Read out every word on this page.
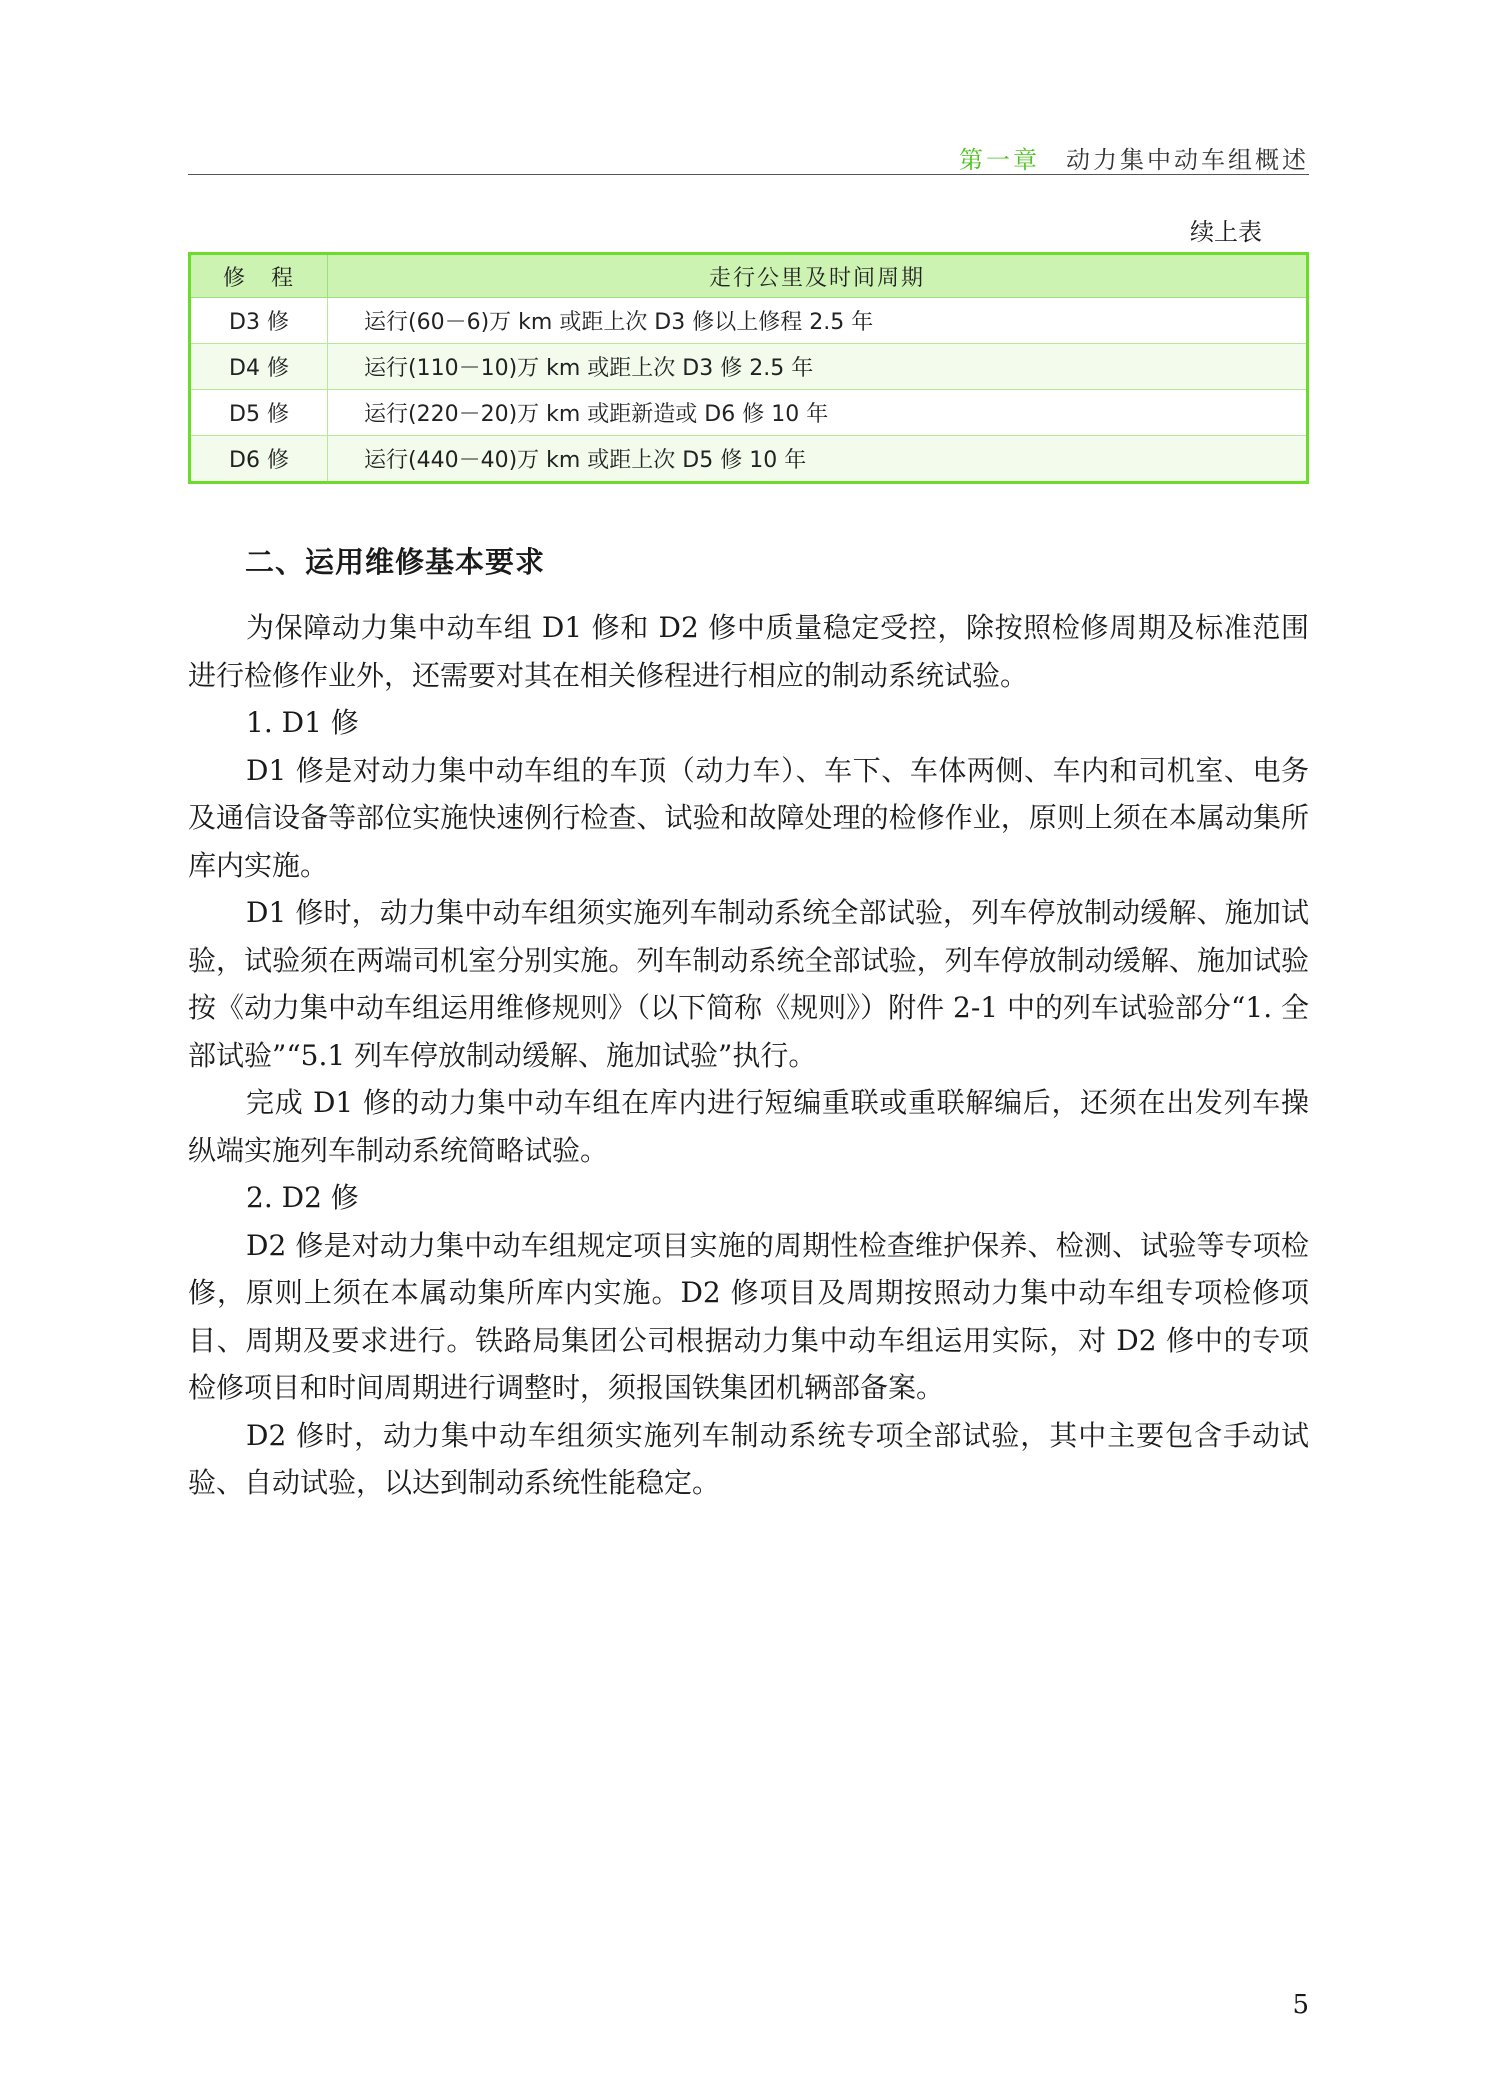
第一章 动力集中动车组概述
续上表
修　程	走行公里及时间周期
D3 修	运行(60－6)万 km 或距上次 D3 修以上修程 2.5 年
D4 修	运行(110－10)万 km 或距上次 D3 修 2.5 年
D5 修	运行(220－20)万 km 或距新造或 D6 修 10 年
D6 修	运行(440－40)万 km 或距上次 D5 修 10 年
二、运用维修基本要求

为保障动力集中动车组 D1 修和 D2 修中质量稳定受控，除按照检修周期及标准范围进行检修作业外，还需要对其在相关修程进行相应的制动系统试验。

1. D1 修

D1 修是对动力集中动车组的车顶（动力车）、车下、车体两侧、车内和司机室、电务及通信设备等部位实施快速例行检查、试验和故障处理的检修作业，原则上须在本属动集所库内实施。

D1 修时，动力集中动车组须实施列车制动系统全部试验，列车停放制动缓解、施加试验，试验须在两端司机室分别实施。列车制动系统全部试验，列车停放制动缓解、施加试验按《动力集中动车组运用维修规则》（以下简称《规则》）附件 2-1 中的列车试验部分“1. 全部试验”“5.1 列车停放制动缓解、施加试验”执行。

完成 D1 修的动力集中动车组在库内进行短编重联或重联解编后，还须在出发列车操纵端实施列车制动系统简略试验。

2. D2 修

D2 修是对动力集中动车组规定项目实施的周期性检查维护保养、检测、试验等专项检修，原则上须在本属动集所库内实施。D2 修项目及周期按照动力集中动车组专项检修项目、周期及要求进行。铁路局集团公司根据动力集中动车组运用实际，对 D2 修中的专项检修项目和时间周期进行调整时，须报国铁集团机辆部备案。

D2 修时，动力集中动车组须实施列车制动系统专项全部试验，其中主要包含手动试验、自动试验，以达到制动系统性能稳定。

5
